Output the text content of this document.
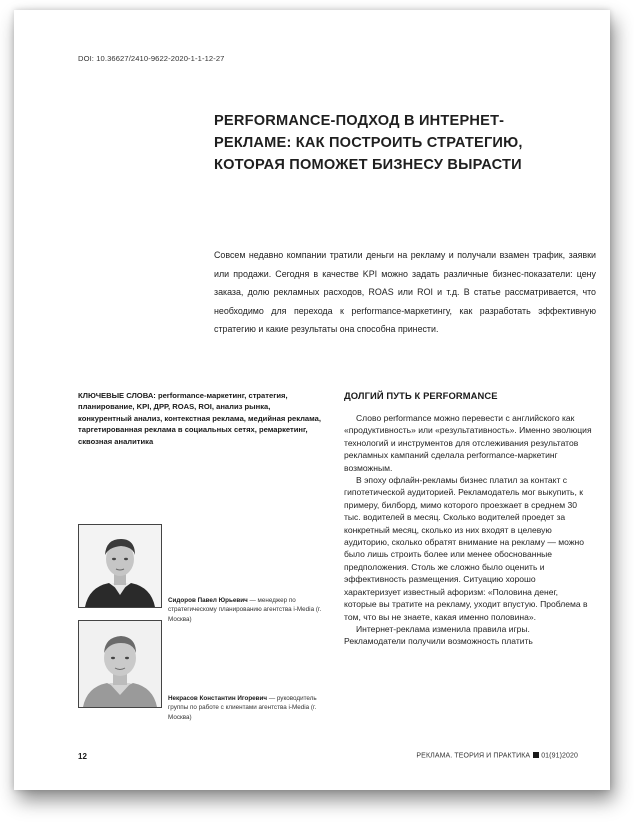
DOI: 10.36627/2410-9622-2020-1-1-12-27
PERFORMANCE-ПОДХОД В ИНТЕРНЕТ-РЕКЛАМЕ: КАК ПОСТРОИТЬ СТРАТЕГИЮ, КОТОРАЯ ПОМОЖЕТ БИЗНЕСУ ВЫРАСТИ

Совсем недавно компании тратили деньги на рекламу и получали взамен трафик, заявки или продажи. Сегодня в качестве KPI можно задать различные бизнес-показатели: цену заказа, долю рекламных расходов, ROAS или ROI и т.д. В статье рассматривается, что необходимо для перехода к performance-маркетингу, как разработать эффективную стратегию и какие результаты она способна принести.

КЛЮЧЕВЫЕ СЛОВА: performance-маркетинг, стратегия, планирование, KPI, ДРР, ROAS, ROI, анализ рынка, конкурентный анализ, контекстная реклама, медийная реклама, таргетированная реклама в социальных сетях, ремаркетинг, сквозная аналитика

ДОЛГИЙ ПУТЬ К PERFORMANCE

Слово performance можно перевести с английского как «продуктивность» или «результативность». Именно эволюция технологий и инструментов для отслеживания результатов рекламных кампаний сделала performance-маркетинг возможным.

В эпоху офлайн-рекламы бизнес платил за контакт с гипотетической аудиторией. Рекламодатель мог выкупить, к примеру, билборд, мимо которого проезжает в среднем 30 тыс. водителей в месяц. Сколько водителей проедет за конкретный месяц, сколько из них входят в целевую аудиторию, сколько обратят внимание на рекламу — можно было лишь строить более или менее обоснованные предположения. Столь же сложно было оценить и эффективность размещения. Ситуацию хорошо характеризует известный афоризм: «Половина денег, которые вы тратите на рекламу, уходит впустую. Проблема в том, что вы не знаете, какая именно половина».

Интернет-реклама изменила правила игры. Рекламодатели получили возможность платить

Сидоров Павел Юрьевич — менеджер по стратегическому планированию агентства i-Media (г. Москва)

Некрасов Константин Игоревич — руководитель группы по работе с клиентами агентства i-Media (г. Москва)

12	РЕКЛАМА. ТЕОРИЯ И ПРАКТИКА 01(91)2020
